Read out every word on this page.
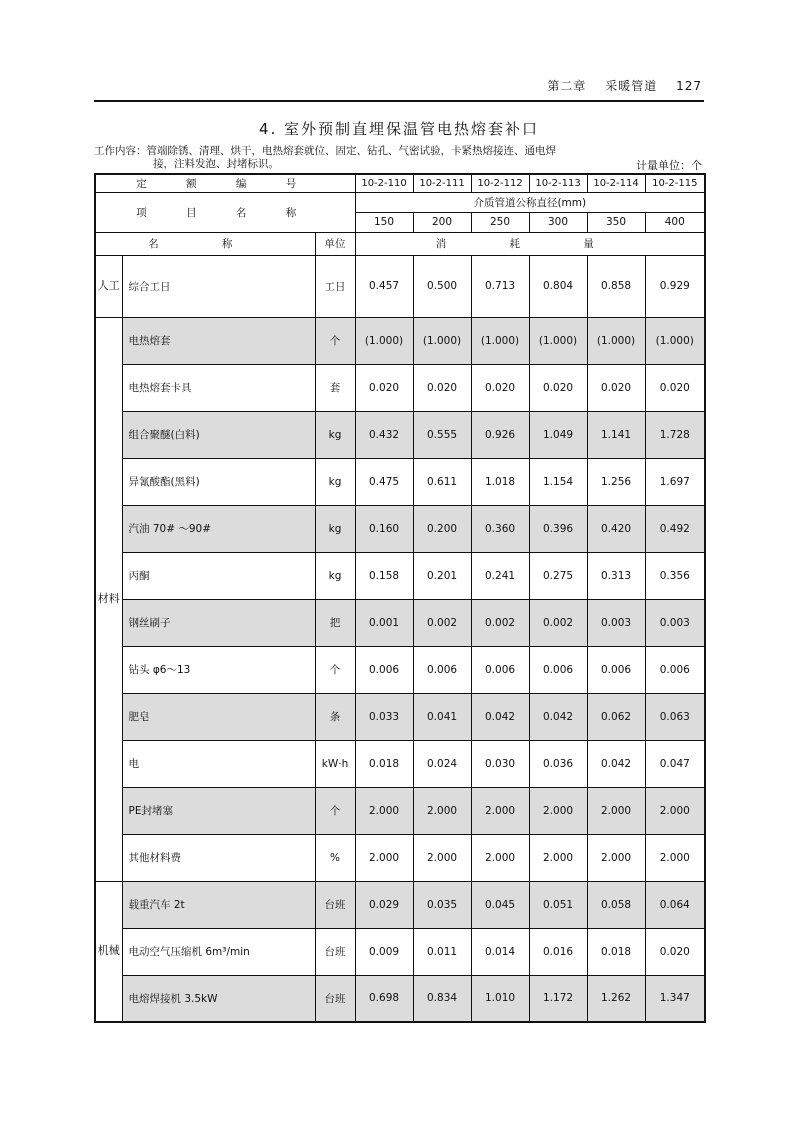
第二章 采暖管道 127
4. 室外预制直埋保温管电热熔套补口
工作内容：管端除锈、清理、烘干，电热熔套就位、固定、钻孔、气密试验，卡紧热熔接连、通电焊
接，注料发泡、封堵标识。	计量单位：个
定 额 编 号			10-2-110	10-2-111	10-2-112	10-2-113	10-2-114	10-2-115
项 目 名 称			介质管道公称直径(mm)					
			150	200	250	300	350	400
名 称		单位	消 耗 量					
人工	综合工日	工日	0.457	0.500	0.713	0.804	0.858	0.929
材料	电热熔套	个	(1.000)	(1.000)	(1.000)	(1.000)	(1.000)	(1.000)
	电热熔套卡具	套	0.020	0.020	0.020	0.020	0.020	0.020
	组合聚醚(白料)	kg	0.432	0.555	0.926	1.049	1.141	1.728
	异氰酸酯(黑料)	kg	0.475	0.611	1.018	1.154	1.256	1.697
	汽油 70# ～90#	kg	0.160	0.200	0.360	0.396	0.420	0.492
	丙酮	kg	0.158	0.201	0.241	0.275	0.313	0.356
	钢丝刷子	把	0.001	0.002	0.002	0.002	0.003	0.003
	钻头 φ6～13	个	0.006	0.006	0.006	0.006	0.006	0.006
	肥皂	条	0.033	0.041	0.042	0.042	0.062	0.063
	电	kW·h	0.018	0.024	0.030	0.036	0.042	0.047
	PE封堵塞	个	2.000	2.000	2.000	2.000	2.000	2.000
	其他材料费	%	2.000	2.000	2.000	2.000	2.000	2.000
机械	载重汽车 2t	台班	0.029	0.035	0.045	0.051	0.058	0.064
	电动空气压缩机 6m³/min	台班	0.009	0.011	0.014	0.016	0.018	0.020
	电熔焊接机 3.5kW	台班	0.698	0.834	1.010	1.172	1.262	1.347
